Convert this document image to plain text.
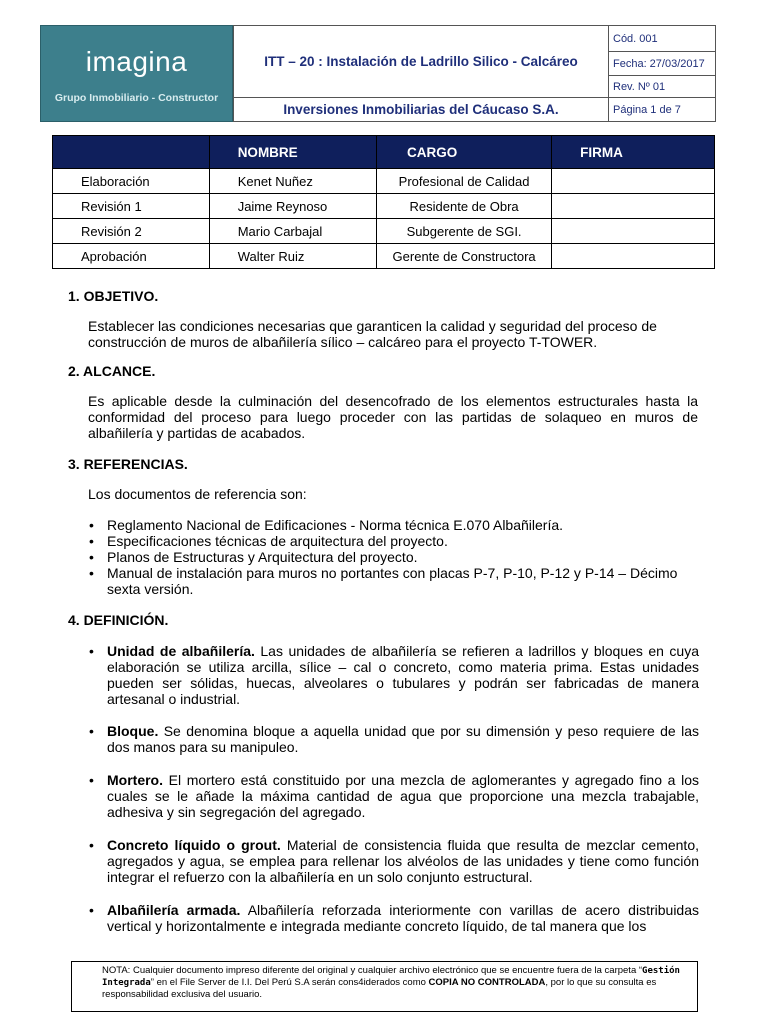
imagina
Grupo Inmobiliario - Constructor
ITT – 20 : Instalación de Ladrillo Silico - Calcáreo
Inversiones Inmobiliarias del Cáucaso S.A.
Cód. 001
Fecha: 27/03/2017
Rev. Nº 01
Página 1 de 7
	NOMBRE	CARGO	FIRMA
Elaboración	Kenet Nuñez	Profesional de Calidad	
Revisión 1	Jaime Reynoso	Residente de Obra	
Revisión 2	Mario Carbajal	Subgerente de SGI.	
Aprobación	Walter Ruiz	Gerente de Constructora	
1. OBJETIVO.
Establecer las condiciones necesarias que garanticen la calidad y seguridad del proceso de construcción de muros de albañilería sílico – calcáreo para el proyecto T-TOWER.
2. ALCANCE.
Es aplicable desde la culminación del desencofrado de los elementos estructurales hasta la conformidad del proceso para luego proceder con las partidas de solaqueo en muros de albañilería y partidas de acabados.
3. REFERENCIAS.
Los documentos de referencia son:
• Reglamento Nacional de Edificaciones - Norma técnica E.070 Albañilería.
• Especificaciones técnicas de arquitectura del proyecto.
• Planos de Estructuras y Arquitectura del proyecto.
• Manual de instalación para muros no portantes con placas P-7, P-10, P-12 y P-14 – Décimo sexta versión.
4. DEFINICIÓN.
• Unidad de albañilería. Las unidades de albañilería se refieren a ladrillos y bloques en cuya elaboración se utiliza arcilla, sílice – cal o concreto, como materia prima. Estas unidades pueden ser sólidas, huecas, alveolares o tubulares y podrán ser fabricadas de manera artesanal o industrial.
• Bloque. Se denomina bloque a aquella unidad que por su dimensión y peso requiere de las dos manos para su manipuleo.
• Mortero. El mortero está constituido por una mezcla de aglomerantes y agregado fino a los cuales se le añade la máxima cantidad de agua que proporcione una mezcla trabajable, adhesiva y sin segregación del agregado.
• Concreto líquido o grout. Material de consistencia fluida que resulta de mezclar cemento, agregados y agua, se emplea para rellenar los alvéolos de las unidades y tiene como función integrar el refuerzo con la albañilería en un solo conjunto estructural.
• Albañilería armada. Albañilería reforzada interiormente con varillas de acero distribuidas vertical y horizontalmente e integrada mediante concreto líquido, de tal manera que los
NOTA: Cualquier documento impreso diferente del original y cualquier archivo electrónico que se encuentre fuera de la carpeta “Gestión Integrada” en el File Server de I.I. Del Perú S.A serán cons4iderados como COPIA NO CONTROLADA, por lo que su consulta es responsabilidad exclusiva del usuario.
